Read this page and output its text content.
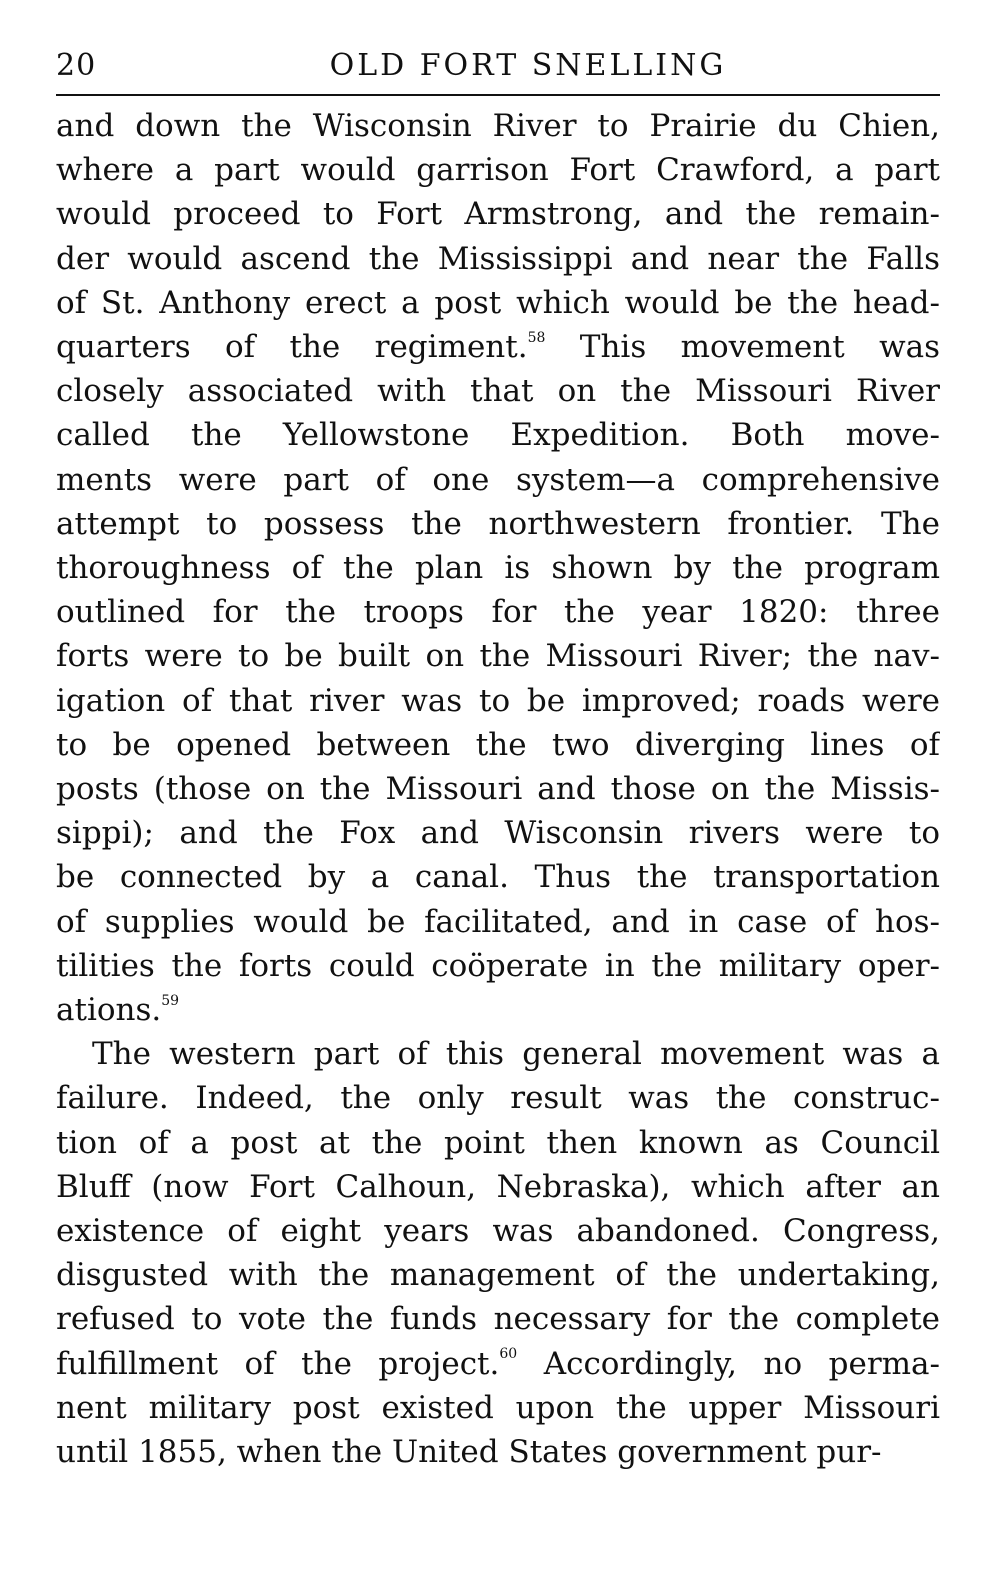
20	OLD FORT SNELLING
and down the Wisconsin River to Prairie du Chien,
where a part would garrison Fort Crawford, a part
would proceed to Fort Armstrong, and the remain-
der would ascend the Mississippi and near the Falls
of St. Anthony erect a post which would be the head-
quarters of the regiment.$^{58}$ This movement was
closely associated with that on the Missouri River
called the Yellowstone Expedition. Both move-
ments were part of one system—a comprehensive
attempt to possess the northwestern frontier. The
thoroughness of the plan is shown by the program
outlined for the troops for the year 1820: three
forts were to be built on the Missouri River; the nav-
igation of that river was to be improved; roads were
to be opened between the two diverging lines of
posts (those on the Missouri and those on the Missis-
sippi); and the Fox and Wisconsin rivers were to
be connected by a canal. Thus the transportation
of supplies would be facilitated, and in case of hos-
tilities the forts could coöperate in the military oper-
ations.$^{59}$
The western part of this general movement was a
failure. Indeed, the only result was the construc-
tion of a post at the point then known as Council
Bluff (now Fort Calhoun, Nebraska), which after an
existence of eight years was abandoned. Congress,
disgusted with the management of the undertaking,
refused to vote the funds necessary for the complete
fulfillment of the project.$^{60}$ Accordingly, no perma-
nent military post existed upon the upper Missouri
until 1855, when the United States government pur-
